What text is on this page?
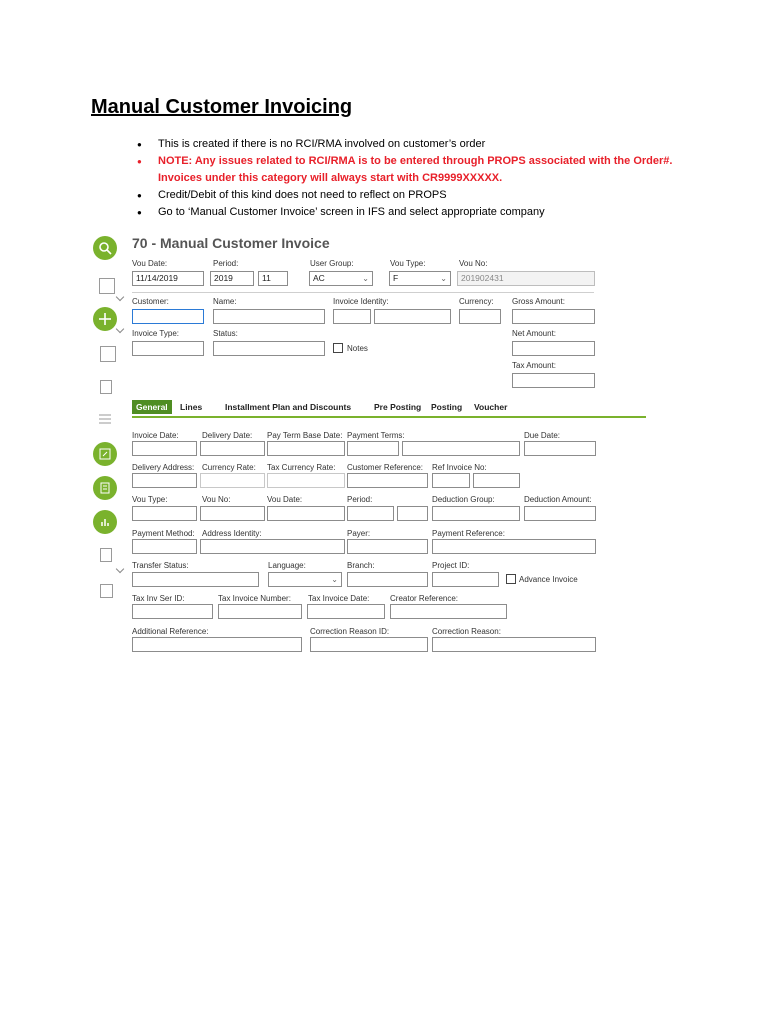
Manual Customer Invoicing
● This is created if there is no RCI/RMA involved on customer’s order
● NOTE: Any issues related to RCI/RMA is to be entered through PROPS associated with the Order#.
Invoices under this category will always start with CR9999XXXXX.
● Credit/Debit of this kind does not need to reflect on PROPS
● Go to ‘Manual Customer Invoice’ screen in IFS and select appropriate company
70 - Manual Customer Invoice
Vou Date:
11/14/2019
Period:
2019	11
User Group:
AC	⌄
Vou Type:
F	⌄
Vou No:
201902431
Customer:	Name:	Invoice Identity:	Currency: Gross Amount:
Invoice Type:	Status:
Notes
Net Amount:
Tax Amount:
General	Lines	Installment Plan and Discounts	Pre Posting	Posting	Voucher
Invoice Date:	Delivery Date: Pay Term Base Date: Payment Terms:	Due Date:
Delivery Address: Currency Rate: Tax Currency Rate: Customer Reference: Ref Invoice No:
Vou Type:	Vou No:	Vou Date:	Period:	Deduction Group:	Deduction Amount:
Payment Method: Address Identity:	Payer:	Payment Reference:
Transfer Status:	Language:
⌄
Branch:	Project ID:
Advance Invoice
Tax Inv Ser ID:	Tax Invoice Number: Tax Invoice Date:	Creator Reference:
Additional Reference:	Correction Reason ID:	Correction Reason:
